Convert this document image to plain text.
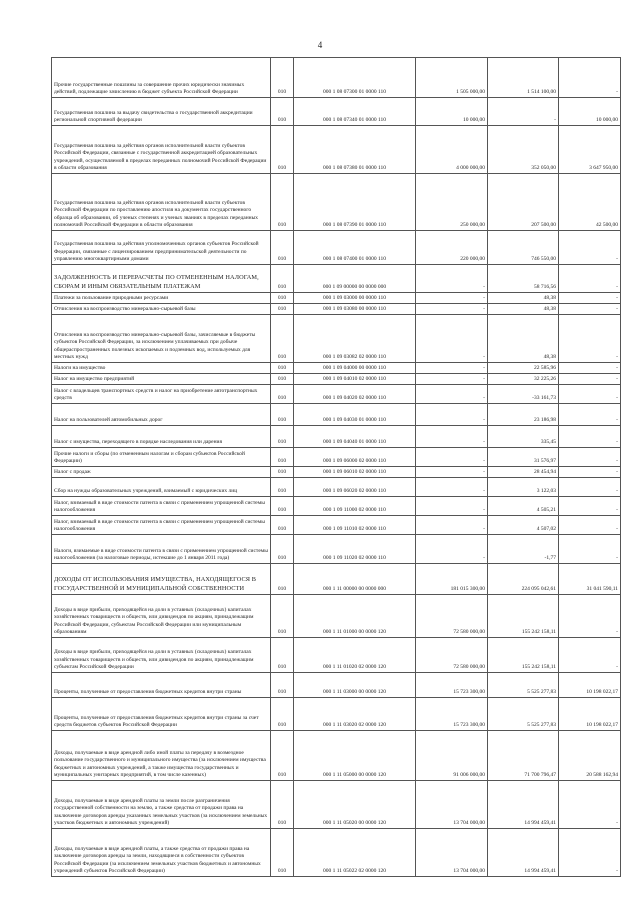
4
Прочие государственные пошлины за совершение прочих юридически значимых действий, подлежащие зачислению в бюджет субъекта Российской Федерации	010	000 1 08 07300 01 0000 110	1 505 000,00	1 514 100,00	-
Государственная пошлина за выдачу свидетельства о государственной аккредитации региональной спортивной федерации	010	000 1 08 07340 01 0000 110	10 000,00	-	10 000,00
Государственная пошлина за действия органов исполнительной власти субъектов Российской Федерации, связанные с государственной аккредитацией образовательных учреждений, осуществляемой в пределах переданных полномочий Российской Федерации в области образования	010	000 1 08 07380 01 0000 110	4 000 000,00	352 050,00	3 647 950,00
Государственная пошлина за действия органов исполнительной власти субъектов Российской Федерации по проставлению апостиля на документах государственного образца об образовании, об ученых степенях и ученых званиях в пределах переданных полномочий Российской Федерации в области образования	010	000 1 08 07390 01 0000 110	250 000,00	207 500,00	42 500,00
Государственная пошлина за действия уполномоченных органов субъектов Российской Федерации, связанные с лицензированием предпринимательской деятельности по управлению многоквартирными домами	010	000 1 08 07400 01 0000 110	220 000,00	746 550,00	-
ЗАДОЛЖЕННОСТЬ И ПЕРЕРАСЧЕТЫ ПО ОТМЕНЕННЫМ НАЛОГАМ, СБОРАМ И ИНЫМ ОБЯЗАТЕЛЬНЫМ ПЛАТЕЖАМ	010	000 1 09 00000 00 0000 000	-	58 716,56	-
Платежи за пользование природными ресурсами	010	000 1 09 03000 00 0000 110	-	48,38	-
Отчисления на воспроизводство минерально-сырьевой базы	010	000 1 09 03080 00 0000 110	-	48,38	-
Отчисления на воспроизводство минерально-сырьевой базы, зачисляемые в бюджеты субъектов Российской Федерации, за исключением уплачиваемых при добыче общераспространенных полезных ископаемых и подземных вод, используемых для местных нужд	010	000 1 09 03082 02 0000 110	-	48,38	-
Налоги на имущество	010	000 1 09 04000 00 0000 110	-	22 585,96	-
Налог на имущество предприятий	010	000 1 09 04010 02 0000 110	-	32 225,26	-
Налог с владельцев транспортных средств и налог на приобретение автотранспортных средств	010	000 1 09 04020 02 0000 110	-	-33 161,73	-
Налог на пользователей автомобильных дорог	010	000 1 09 04030 01 0000 110	-	23 186,98	-
Налог с имущества, переходящего в порядке наследования или дарения	010	000 1 09 04040 01 0000 110	-	335,45	-
Прочие налоги и сборы (по отмененным налогам и сборам субъектов Российской Федерации)	010	000 1 09 06000 02 0000 110	-	31 576,97	-
Налог с продаж	010	000 1 09 06010 02 0000 110	-	28 454,94	-
Сбор на нужды образовательных учреждений, взимаемый с юридических лиц	010	000 1 09 06020 02 0000 110	-	3 122,03	-
Налог, взимаемый в виде стоимости патента в связи с применением упрощенной системы налогообложения	010	000 1 09 11000 02 0000 110	-	4 505,21	-
Налог, взимаемый в виде стоимости патента в связи с применением упрощенной системы налогообложения	010	000 1 09 11010 02 0000 110	-	4 507,02	-
Налоги, взимаемые в виде стоимости патента в связи с применением упрощенной системы налогообложения (за налоговые периоды, истекшие до 1 января 2011 года)	010	000 1 09 11020 02 0000 110	-	-1,77	-
ДОХОДЫ ОТ ИСПОЛЬЗОВАНИЯ ИМУЩЕСТВА, НАХОДЯЩЕГОСЯ В ГОСУДАРСТВЕННОЙ И МУНИЦИПАЛЬНОЙ СОБСТВЕННОСТИ	010	000 1 11 00000 00 0000 000	181 015 300,00	224 095 042,61	31 041 590,11
Доходы в виде прибыли, приходящейся на доли в уставных (складочных) капиталах хозяйственных товариществ и обществ, или дивидендов по акциям, принадлежащим Российской Федерации, субъектам Российской Федерации или муниципальным образованиям	010	000 1 11 01000 00 0000 120	72 580 000,00	155 242 158,11	-
Доходы в виде прибыли, приходящейся на доли в уставных (складочных) капиталах хозяйственных товариществ и обществ, или дивидендов по акциям, принадлежащим субъектам Российской Федерации	010	000 1 11 01020 02 0000 120	72 580 000,00	155 242 158,11	-
Проценты, полученные от предоставления бюджетных кредитов внутри страны	010	000 1 11 03000 00 0000 120	15 723 300,00	5 525 277,83	10 198 022,17
Проценты, полученные от предоставления бюджетных кредитов внутри страны за счет средств бюджетов субъектов Российской Федерации	010	000 1 11 03020 02 0000 120	15 723 300,00	5 525 277,83	10 198 022,17
Доходы, получаемые в виде арендной либо иной платы за передачу в возмездное пользование государственного и муниципального имущества (за исключением имущества бюджетных и автономных учреждений, а также имущества государственных и муниципальных унитарных предприятий, в том числе казенных)	010	000 1 11 05000 00 0000 120	91 006 000,00	71 700 796,47	20 588 162,94
Доходы, получаемые в виде арендной платы за земли после разграничения государственной собственности на землю, а также средства от продажи права на заключение договоров аренды указанных земельных участков (за исключением земельных участков бюджетных и автономных учреждений)	010	000 1 11 05020 00 0000 120	13 704 000,00	14 994 459,41	-
Доходы, получаемые в виде арендной платы, а также средства от продажи права на заключение договоров аренды за земли, находящиеся в собственности субъектов Российской Федерации (за исключением земельных участков бюджетных и автономных учреждений субъектов Российской Федерации)	010	000 1 11 05022 02 0000 120	13 704 000,00	14 994 459,41	-
